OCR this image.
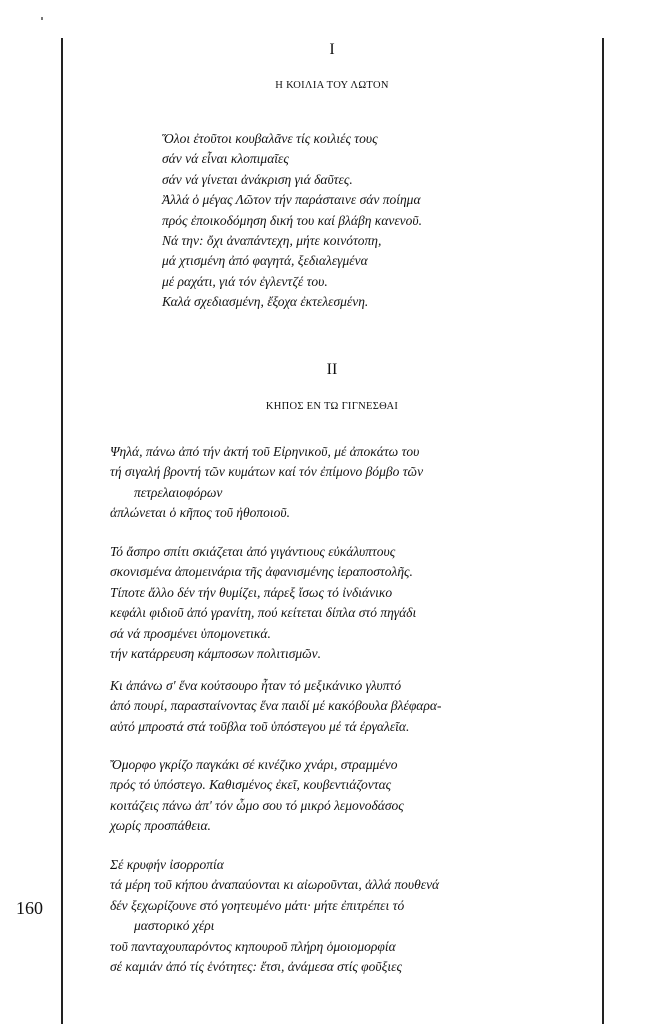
I
Η ΚΟΙΛΙΑ ΤΟΥ ΛΩΤΟΝ
Ὅλοι ἐτοῦτοι κουβαλᾶνε τίς κοιλιές τους
σάν νά εἶναι κλοπιμαῖες
σάν νά γίνεται ἀνάκριση γιά δαῦτες.
Ἀλλά ὁ μέγας Λῶτον τήν παράσταινε σάν ποίημα
πρός ἐποικοδόμηση δική του καί βλάβη κανενοῦ.
Νά την: ὄχι ἀναπάντεχη, μήτε κοινότοπη,
μά χτισμένη ἀπό φαγητά, ξεδιαλεγμένα
μέ ραχάτι, γιά τόν ἐγλεντζέ του.
Καλά σχεδιασμένη, ἔξοχα ἐκτελεσμένη.
II
ΚΗΠΟΣ ΕΝ ΤΩ ΓΙΓΝΕΣΘΑΙ
Ψηλά, πάνω ἀπό τήν ἀκτή τοῦ Εἰρηνικοῦ, μέ ἀποκάτω του
τή σιγαλή βροντή τῶν κυμάτων καί τόν ἐπίμονο βόμβο τῶν
πετρελαιοφόρων
ἁπλώνεται ὁ κῆπος τοῦ ἠθοποιοῦ.
Τό ἄσπρο σπίτι σκιάζεται ἀπό γιγάντιους εὐκάλυπτους
σκονισμένα ἀπομεινάρια τῆς ἀφανισμένης ἱεραποστολῆς.
Τίποτε ἄλλο δέν τήν θυμίζει, πάρεξ ἴσως τό ἰνδιάνικο
κεφάλι φιδιοῦ ἀπό γρανίτη, πού κείτεται δίπλα στό πηγάδι
σά νά προσμένει ὑπομονετικά.
τήν κατάρρευση κάμποσων πολιτισμῶν.
Κι ἀπάνω σ' ἕνα κούτσουρο ἦταν τό μεξικάνικο γλυπτό
ἀπό πουρί, παρασταίνοντας ἕνα παιδί μέ κακόβουλα βλέφαρα-
αὐτό μπροστά στά τοῦβλα τοῦ ὑπόστεγου μέ τά ἐργαλεῖα.
Ὄμορφο γκρίζο παγκάκι σέ κινέζικο χνάρι, στραμμένο
πρός τό ὑπόστεγο. Καθισμένος ἐκεῖ, κουβεντιάζοντας
κοιτάζεις πάνω ἀπ' τόν ὦμο σου τό μικρό λεμονοδάσος
χωρίς προσπάθεια.
Σέ κρυφήν ἰσορροπία
τά μέρη τοῦ κήπου ἀναπαύονται κι αἰωροῦνται, ἀλλά πουθενά
δέν ξεχωρίζουνε στό γοητευμένο μάτι· μήτε ἐπιτρέπει τό
μαστορικό χέρι
τοῦ πανταχουπαρόντος κηπουροῦ πλήρη ὁμοιομορφία
σέ καμιάν ἀπό τίς ἑνότητες: ἔτσι, ἀνάμεσα στίς φοῦξιες
160
